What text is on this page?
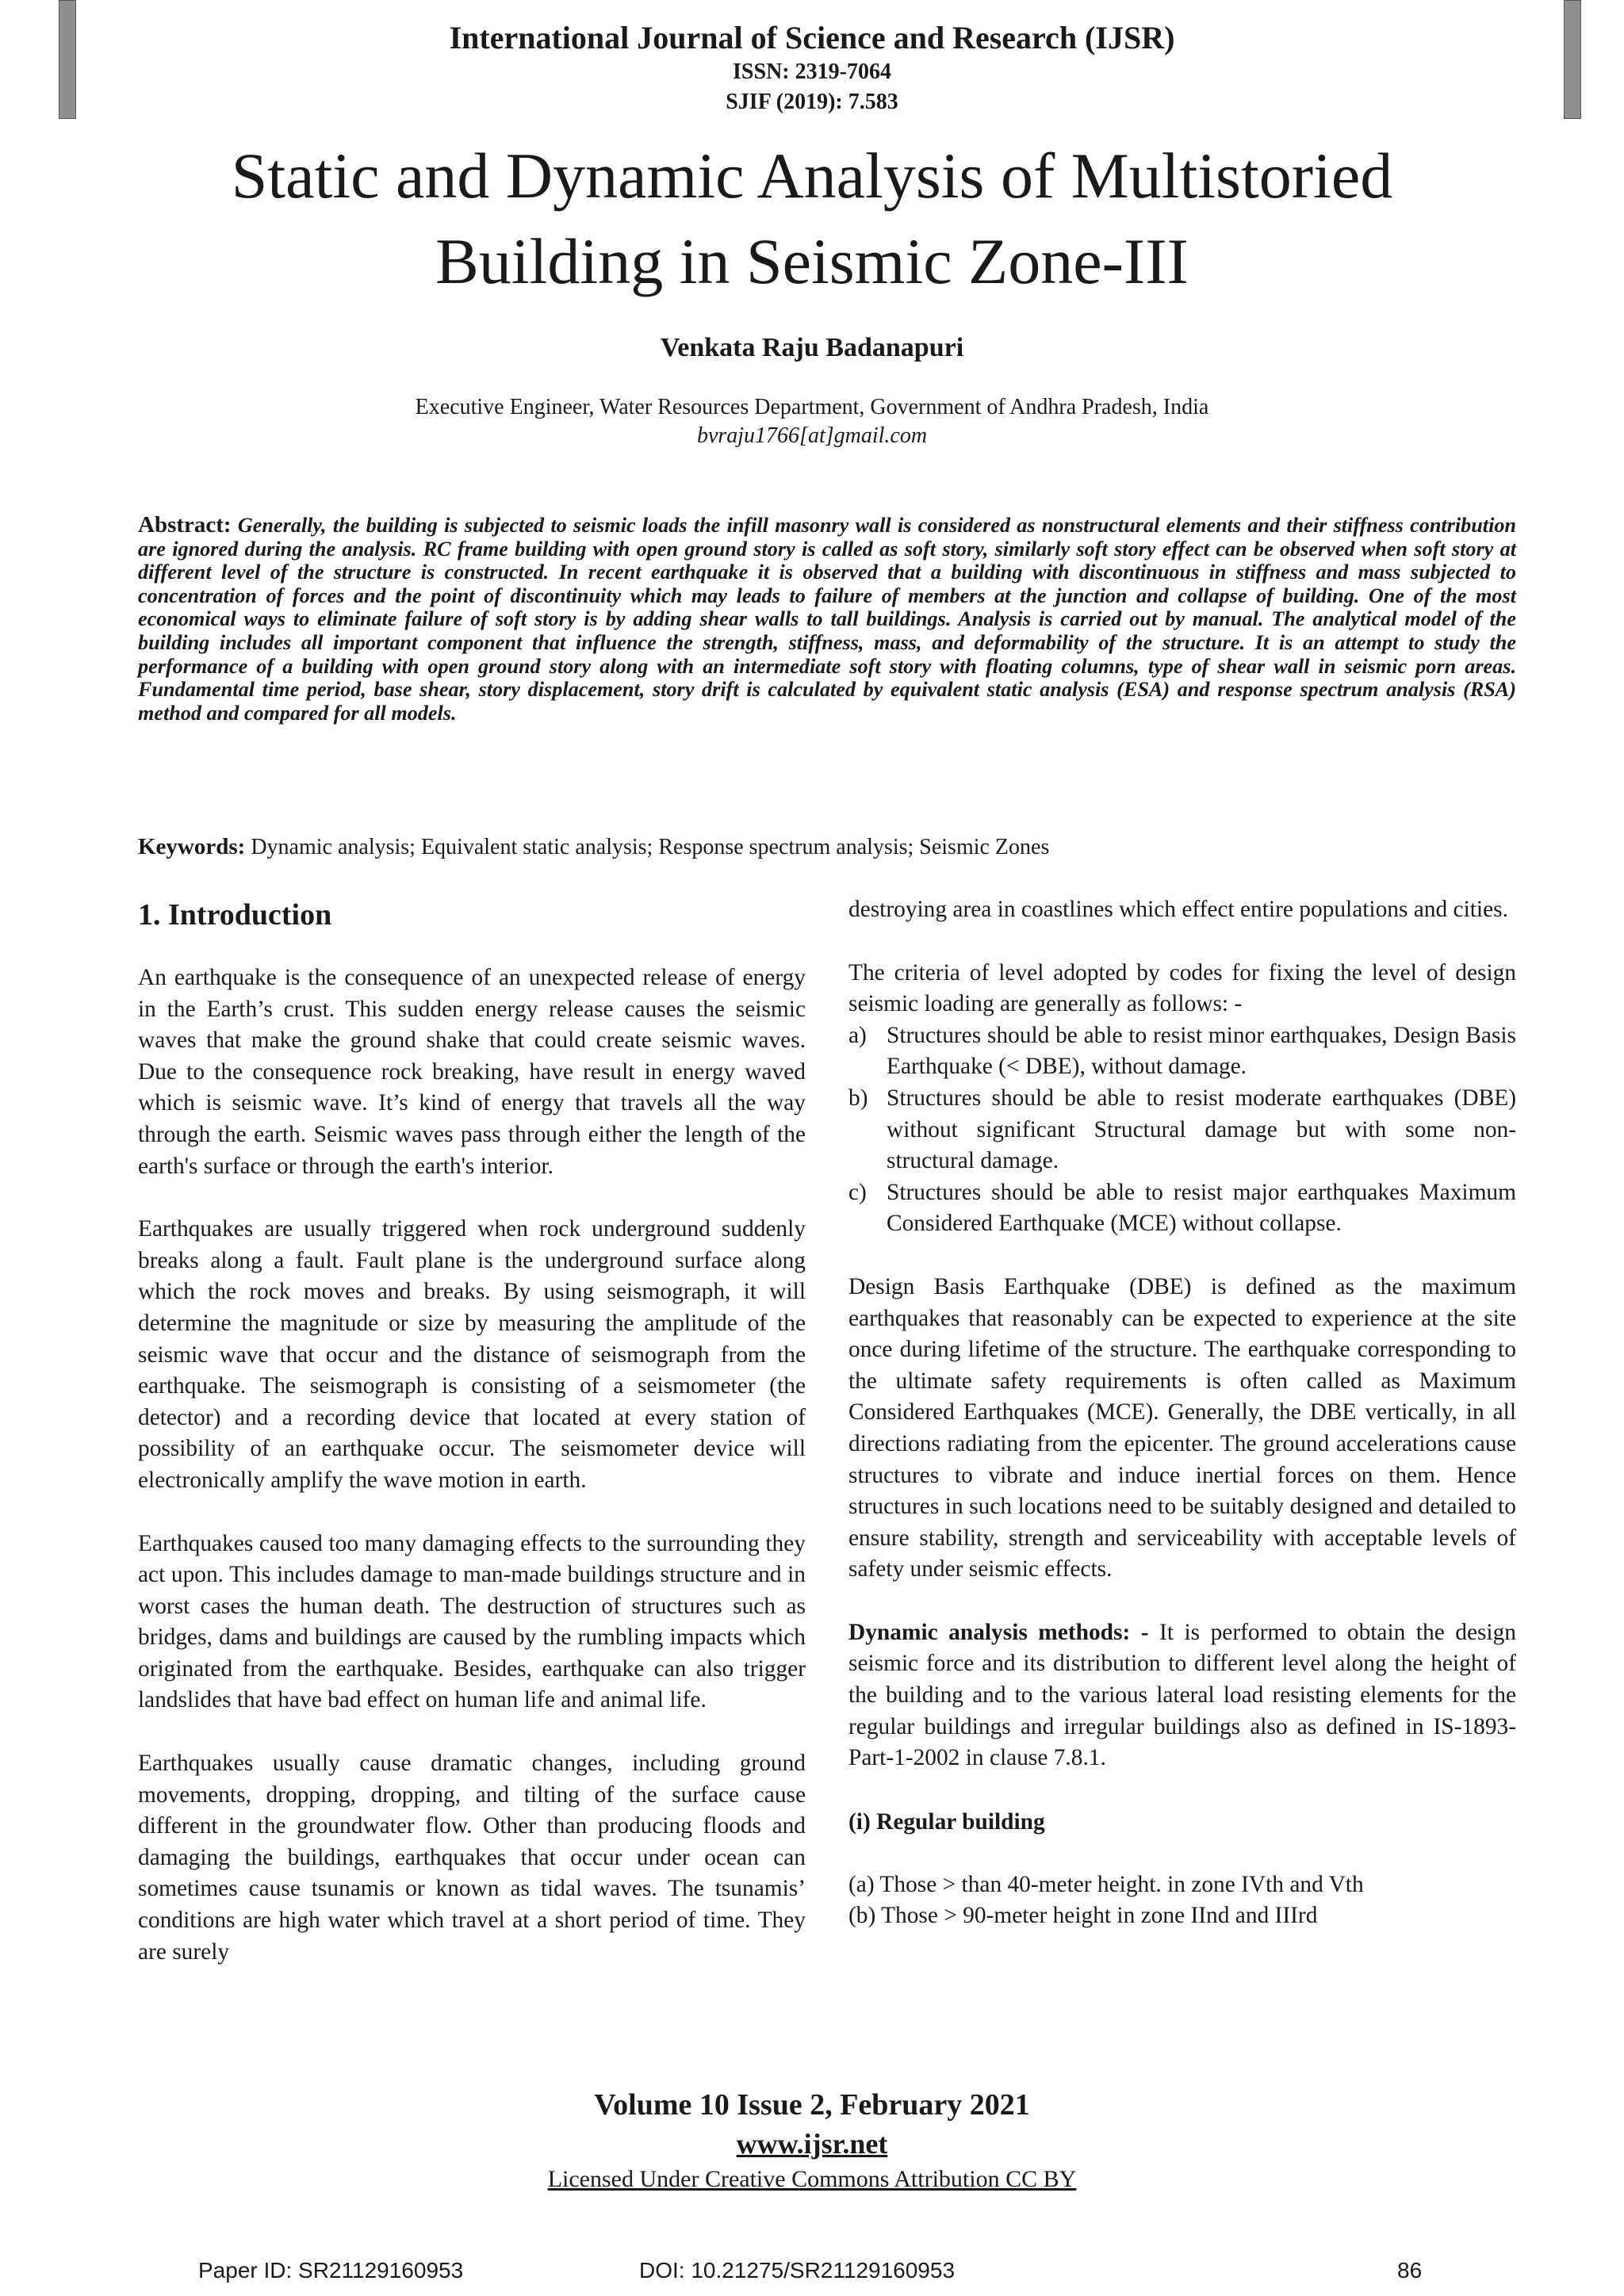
International Journal of Science and Research (IJSR)
ISSN: 2319-7064
SJIF (2019): 7.583
Static and Dynamic Analysis of Multistoried
Building in Seismic Zone-III
Venkata Raju Badanapuri
Executive Engineer, Water Resources Department, Government of Andhra Pradesh, India
bvraju1766[at]gmail.com
Abstract: Generally, the building is subjected to seismic loads the infill masonry wall is considered as nonstructural elements and their stiffness contribution are ignored during the analysis. RC frame building with open ground story is called as soft story, similarly soft story effect can be observed when soft story at different level of the structure is constructed. In recent earthquake it is observed that a building with discontinuous in stiffness and mass subjected to concentration of forces and the point of discontinuity which may leads to failure of members at the junction and collapse of building. One of the most economical ways to eliminate failure of soft story is by adding shear walls to tall buildings. Analysis is carried out by manual. The analytical model of the building includes all important component that influence the strength, stiffness, mass, and deformability of the structure. It is an attempt to study the performance of a building with open ground story along with an intermediate soft story with floating columns, type of shear wall in seismic porn areas. Fundamental time period, base shear, story displacement, story drift is calculated by equivalent static analysis (ESA) and response spectrum analysis (RSA) method and compared for all models.
Keywords: Dynamic analysis; Equivalent static analysis; Response spectrum analysis; Seismic Zones
1. Introduction

An earthquake is the consequence of an unexpected release of energy in the Earth’s crust. This sudden energy release causes the seismic waves that make the ground shake that could create seismic waves. Due to the consequence rock breaking, have result in energy waved which is seismic wave. It’s kind of energy that travels all the way through the earth. Seismic waves pass through either the length of the earth's surface or through the earth's interior.

Earthquakes are usually triggered when rock underground suddenly breaks along a fault. Fault plane is the underground surface along which the rock moves and breaks. By using seismograph, it will determine the magnitude or size by measuring the amplitude of the seismic wave that occur and the distance of seismograph from the earthquake. The seismograph is consisting of a seismometer (the detector) and a recording device that located at every station of possibility of an earthquake occur. The seismometer device will electronically amplify the wave motion in earth.

Earthquakes caused too many damaging effects to the surrounding they act upon. This includes damage to man-made buildings structure and in worst cases the human death. The destruction of structures such as bridges, dams and buildings are caused by the rumbling impacts which originated from the earthquake. Besides, earthquake can also trigger landslides that have bad effect on human life and animal life.

Earthquakes usually cause dramatic changes, including ground movements, dropping, dropping, and tilting of the surface cause different in the groundwater flow. Other than producing floods and damaging the buildings, earthquakes that occur under ocean can sometimes cause tsunamis or known as tidal waves. The tsunamis’ conditions are high water which travel at a short period of time. They are surely

destroying area in coastlines which effect entire populations and cities.

The criteria of level adopted by codes for fixing the level of design seismic loading are generally as follows: -

a) Structures should be able to resist minor earthquakes, Design Basis Earthquake (< DBE), without damage.
b) Structures should be able to resist moderate earthquakes (DBE) without significant Structural damage but with some non- structural damage.
c) Structures should be able to resist major earthquakes Maximum Considered Earthquake (MCE) without collapse.

Design Basis Earthquake (DBE) is defined as the maximum earthquakes that reasonably can be expected to experience at the site once during lifetime of the structure. The earthquake corresponding to the ultimate safety requirements is often called as Maximum Considered Earthquakes (MCE). Generally, the DBE vertically, in all directions radiating from the epicenter. The ground accelerations cause structures to vibrate and induce inertial forces on them. Hence structures in such locations need to be suitably designed and detailed to ensure stability, strength and serviceability with acceptable levels of safety under seismic effects.

Dynamic analysis methods: - It is performed to obtain the design seismic force and its distribution to different level along the height of the building and to the various lateral load resisting elements for the regular buildings and irregular buildings also as defined in IS-1893-Part-1-2002 in clause 7.8.1.

(i) Regular building

(a) Those > than 40-meter height. in zone IVth and Vth
(b) Those > 90-meter height in zone IInd and IIIrd
Volume 10 Issue 2, February 2021
www.ijsr.net
Licensed Under Creative Commons Attribution CC BY
Paper ID: SR21129160953	DOI: 10.21275/SR21129160953	86
